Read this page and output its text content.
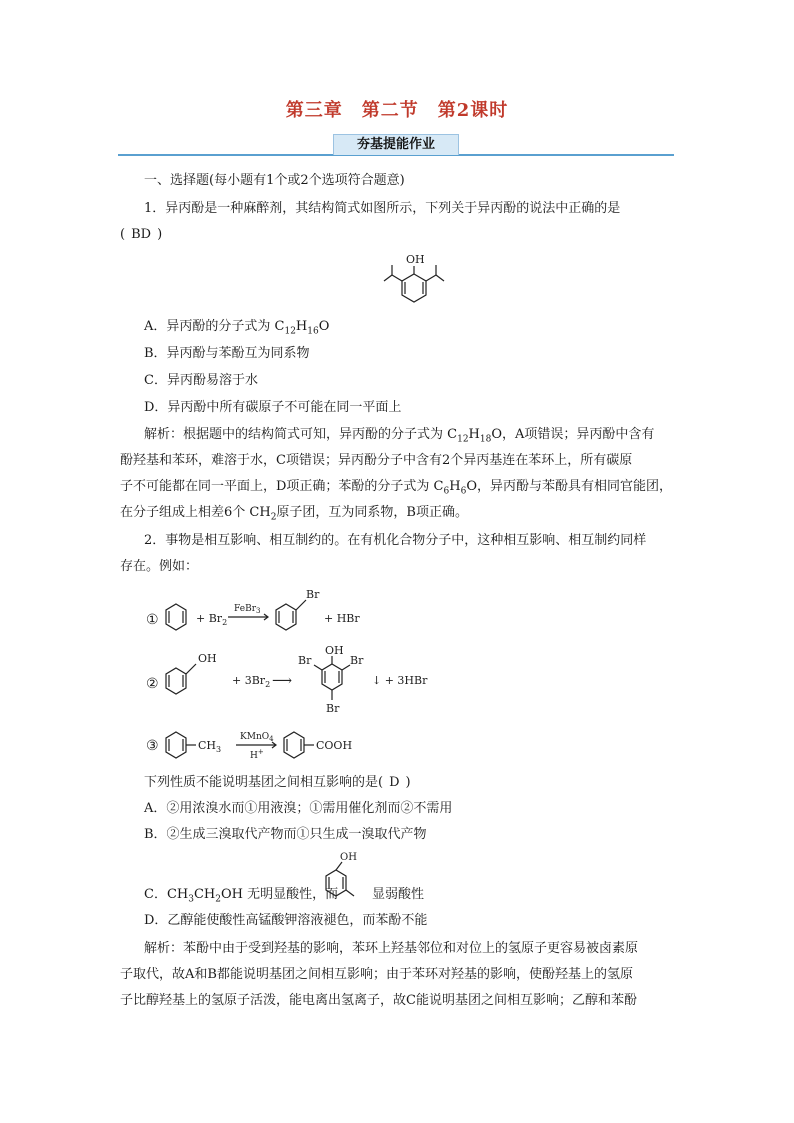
第三章　第二节　第2课时
夯基提能作业
一、选择题(每小题有1个或2个选项符合题意)
1．异丙酚是一种麻醉剂，其结构简式如图所示，下列关于异丙酚的说法中正确的是
( BD )
OH
A．异丙酚的分子式为 $C_{12}H_{16}O$
B．异丙酚与苯酚互为同系物
C．异丙酚易溶于水
D．异丙酚中所有碳原子不可能在同一平面上
解析：根据题中的结构简式可知，异丙酚的分子式为 $C_{12}H_{18}O$，A项错误；异丙酚中含有
酚羟基和苯环，难溶于水，C项错误；异丙酚分子中含有2个异丙基连在苯环上，所有碳原
子不可能都在同一平面上，D项正确；苯酚的分子式为 $C_6H_6O$，异丙酚与苯酚具有相同官能团，
在分子组成上相差6个 $CH_2$原子团，互为同系物，B项正确。
2．事物是相互影响、相互制约的。在有机化合物分子中，这种相互影响、相互制约同样
存在。例如：
①	+ $Br_2$
FeBr$_3$
Br
+ HBr
②
OH
+ $3Br_2$ ⟶
OH
Br	Br
Br
↓ + 3HBr
③	$CH_3$
KMnO$_4$
H+	COOH
下列性质不能说明基团之间相互影响的是( D )
A．②用浓溴水而①用液溴；①需用催化剂而②不需用
B．②生成三溴取代产物而①只生成一溴取代产物
C．$CH_3CH_2OH$ 无明显酸性，而
OH
显弱酸性
D．乙醇能使酸性高锰酸钾溶液褪色，而苯酚不能
解析：苯酚中由于受到羟基的影响，苯环上羟基邻位和对位上的氢原子更容易被卤素原
子取代，故A和B都能说明基团之间相互影响；由于苯环对羟基的影响，使酚羟基上的氢原
子比醇羟基上的氢原子活泼，能电离出氢离子，故C能说明基团之间相互影响；乙醇和苯酚
